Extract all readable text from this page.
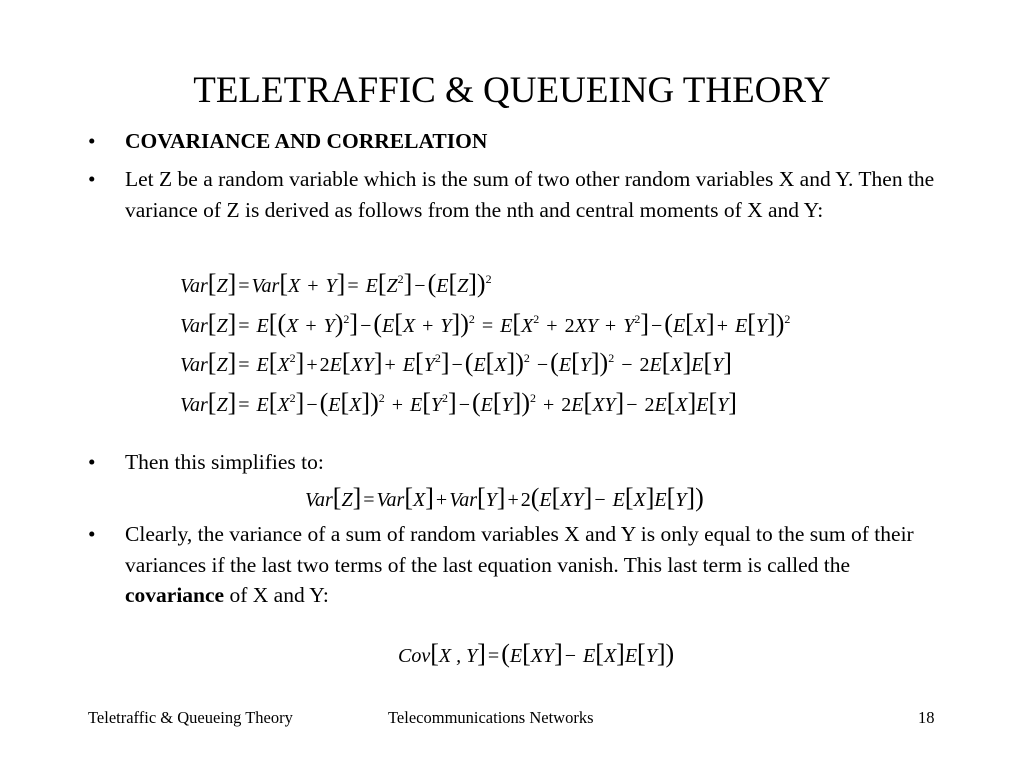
TELETRAFFIC & QUEUEING THEORY
• COVARIANCE AND CORRELATION
• Let Z be a random variable which is the sum of two other random variables X and Y. Then the variance of Z is derived as follows from the nth and central moments of X and Y:
$Var[Z] = Var[X + Y] = E[Z^2] -(E[Z])^2$
$Var[Z] = E[(X + Y)^2] -(E[X + Y])^2 = E[X^2 + 2XY + Y^2] -(E[X] + E[Y])^2$
$Var[Z] = E[X^2] + 2E[XY] + E[Y^2] -(E[X])^2 -(E[Y])^2 - 2E[X]E[Y]$
$Var[Z] = E[X^2] -(E[X])^2 + E[Y^2] -(E[Y])^2 + 2E[XY] - 2E[X]E[Y]$
• Then this simplifies to:
Var[Z] = Var[X] + Var[Y] + 2(E[XY] − E[X]E[Y])
• Clearly, the variance of a sum of random variables X and Y is only equal to the sum of their variances if the last two terms of the last equation vanish. This last term is called the covariance of X and Y:
Cov[X , Y] =(E[XY] − E[X]E[Y])
Teletraffic & Queueing Theory	Telecommunications Networks	18
